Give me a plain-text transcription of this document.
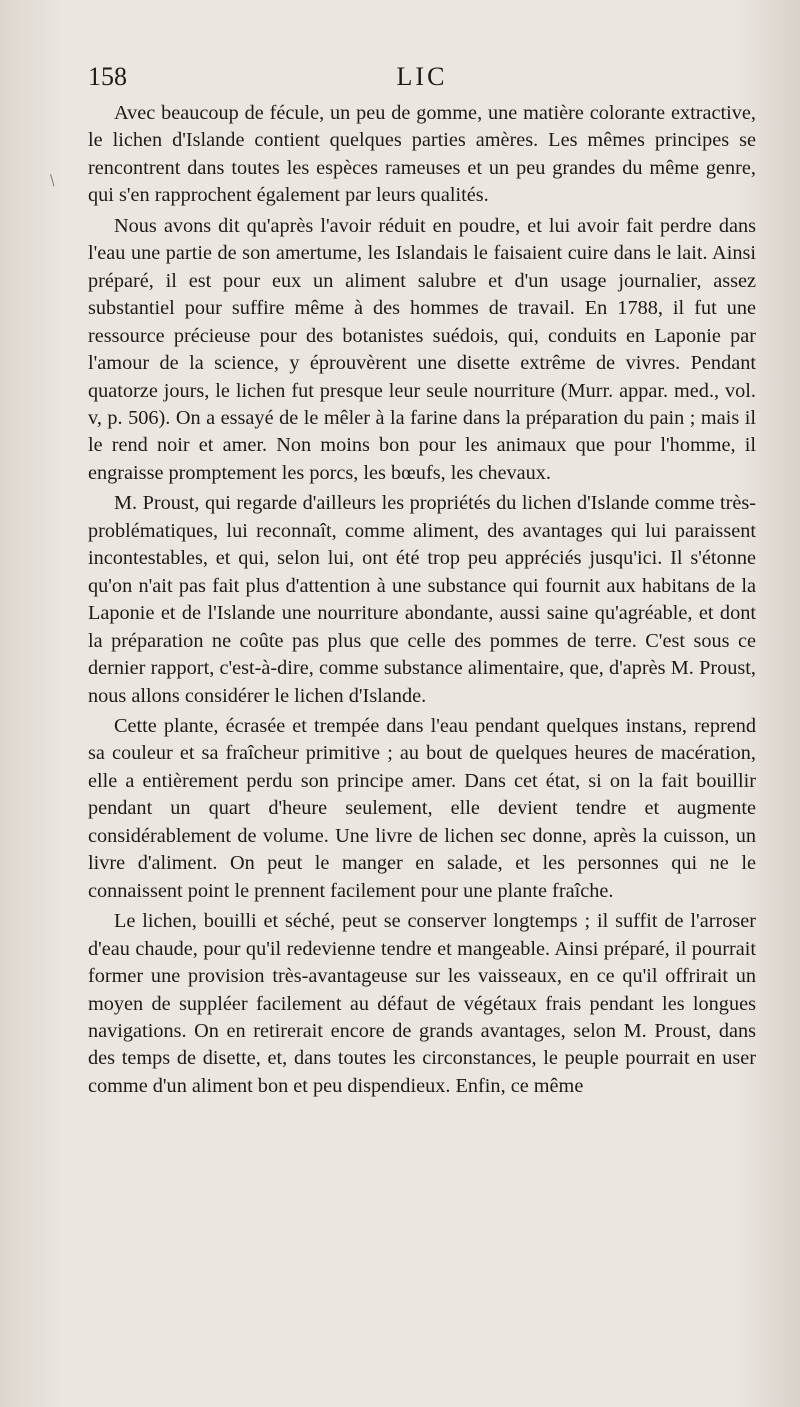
158	LIC
/

Avec beaucoup de fécule, un peu de gomme, une matière colorante extractive, le lichen d'Islande contient quelques parties amères. Les mêmes principes se rencontrent dans toutes les espèces rameuses et un peu grandes du même genre, qui s'en rapprochent également par leurs qualités.

Nous avons dit qu'après l'avoir réduit en poudre, et lui avoir fait perdre dans l'eau une partie de son amertume, les Islandais le faisaient cuire dans le lait. Ainsi préparé, il est pour eux un aliment salubre et d'un usage journalier, assez substantiel pour suffire même à des hommes de travail. En 1788, il fut une ressource précieuse pour des botanistes suédois, qui, conduits en Laponie par l'amour de la science, y éprouvèrent une disette extrême de vivres. Pendant quatorze jours, le lichen fut presque leur seule nourriture (Murr. appar. med., vol. v, p. 506). On a essayé de le mêler à la farine dans la préparation du pain ; mais il le rend noir et amer. Non moins bon pour les animaux que pour l'homme, il engraisse promptement les porcs, les bœufs, les chevaux.

M. Proust, qui regarde d'ailleurs les propriétés du lichen d'Islande comme très-problématiques, lui reconnaît, comme aliment, des avantages qui lui paraissent incontestables, et qui, selon lui, ont été trop peu appréciés jusqu'ici. Il s'étonne qu'on n'ait pas fait plus d'attention à une substance qui fournit aux habitans de la Laponie et de l'Islande une nourriture abondante, aussi saine qu'agréable, et dont la préparation ne coûte pas plus que celle des pommes de terre. C'est sous ce dernier rapport, c'est-à-dire, comme substance alimentaire, que, d'après M. Proust, nous allons considérer le lichen d'Islande.

Cette plante, écrasée et trempée dans l'eau pendant quelques instans, reprend sa couleur et sa fraîcheur primitive ; au bout de quelques heures de macération, elle a entièrement perdu son principe amer. Dans cet état, si on la fait bouillir pendant un quart d'heure seulement, elle devient tendre et augmente considérablement de volume. Une livre de lichen sec donne, après la cuisson, un livre d'aliment. On peut le manger en salade, et les personnes qui ne le connaissent point le prennent facilement pour une plante fraîche.

Le lichen, bouilli et séché, peut se conserver longtemps ; il suffit de l'arroser d'eau chaude, pour qu'il redevienne tendre et mangeable. Ainsi préparé, il pourrait former une provision très-avantageuse sur les vaisseaux, en ce qu'il offrirait un moyen de suppléer facilement au défaut de végétaux frais pendant les longues navigations. On en retirerait encore de grands avantages, selon M. Proust, dans des temps de disette, et, dans toutes les circonstances, le peuple pourrait en user comme d'un aliment bon et peu dispendieux. Enfin, ce même
